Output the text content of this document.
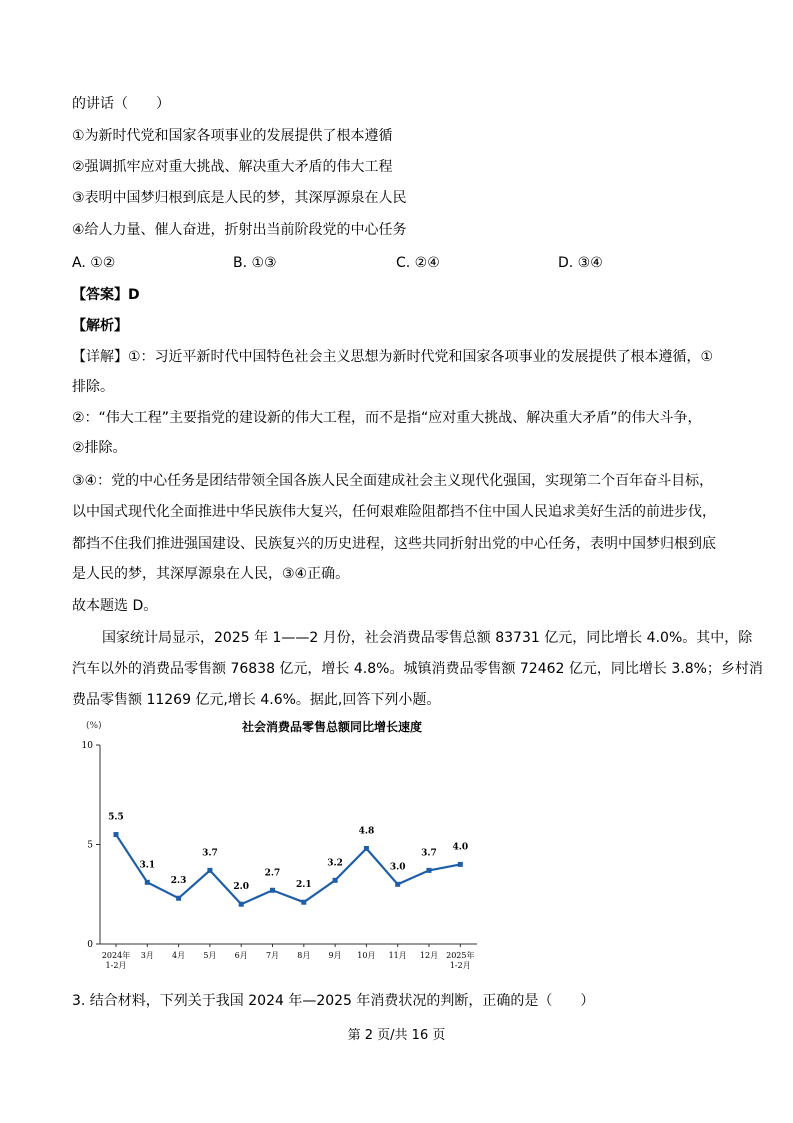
的讲话（　　）
①为新时代党和国家各项事业的发展提供了根本遵循
②强调抓牢应对重大挑战、解决重大矛盾的伟大工程
③表明中国梦归根到底是人民的梦，其深厚源泉在人民
④给人力量、催人奋进，折射出当前阶段党的中心任务
A. ①②	B. ①③	C. ②④	D. ③④
【答案】D
【解析】
【详解】①：习近平新时代中国特色社会主义思想为新时代党和国家各项事业的发展提供了根本遵循，①
排除。
②：“伟大工程”主要指党的建设新的伟大工程，而不是指“应对重大挑战、解决重大矛盾”的伟大斗争，
②排除。
③④：党的中心任务是团结带领全国各族人民全面建成社会主义现代化强国，实现第二个百年奋斗目标，
以中国式现代化全面推进中华民族伟大复兴，任何艰难险阻都挡不住中国人民追求美好生活的前进步伐，
都挡不住我们推进强国建设、民族复兴的历史进程，这些共同折射出党的中心任务，表明中国梦归根到底
是人民的梦，其深厚源泉在人民，③④正确。
故本题选 D。
国家统计局显示，2025 年 1——2 月份，社会消费品零售总额 83731 亿元，同比增长 4.0%。其中，除
汽车以外的消费品零售额 76838 亿元，增长 4.8%。城镇消费品零售额 72462 亿元，同比增长 3.8%；乡村消
费品零售额 11269 亿元,增长 4.6%。据此,回答下列小题。
社会消费品零售总额同比增长速度
(%)
0
5
10
2024年
1-2月
3月 4月 5月 6月 7月 8月 9月 10月 11月 12月 2025年
1-2月
5.5
3.1
2.3
3.7
2.0
2.7
2.1
3.2
4.8
3.0
3.7
4.0
3. 结合材料，下列关于我国 2024 年—2025 年消费状况的判断，正确的是（　　）
第 2 页/共 16 页
